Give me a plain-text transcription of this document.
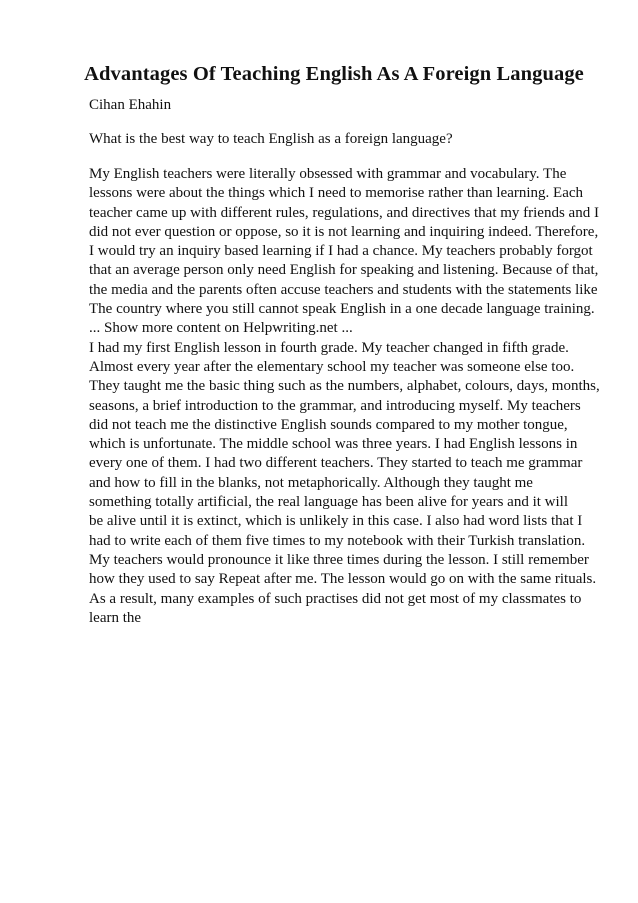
Advantages Of Teaching English As A Foreign Language

Cihan Ehahin

What is the best way to teach English as a foreign language?

My English teachers were literally obsessed with grammar and vocabulary. The
lessons were about the things which I need to memorise rather than learning. Each
teacher came up with different rules, regulations, and directives that my friends and I
did not ever question or oppose, so it is not learning and inquiring indeed. Therefore,
I would try an inquiry based learning if I had a chance. My teachers probably forgot
that an average person only need English for speaking and listening. Because of that,
the media and the parents often accuse teachers and students with the statements like
The country where you still cannot speak English in a one decade language training.
... Show more content on Helpwriting.net ...
I had my first English lesson in fourth grade. My teacher changed in fifth grade.
Almost every year after the elementary school my teacher was someone else too.
They taught me the basic thing such as the numbers, alphabet, colours, days, months,
seasons, a brief introduction to the grammar, and introducing myself. My teachers
did not teach me the distinctive English sounds compared to my mother tongue,
which is unfortunate. The middle school was three years. I had English lessons in
every one of them. I had two different teachers. They started to teach me grammar
and how to fill in the blanks, not metaphorically. Although they taught me
something totally artificial, the real language has been alive for years and it will
be alive until it is extinct, which is unlikely in this case. I also had word lists that I
had to write each of them five times to my notebook with their Turkish translation.
My teachers would pronounce it like three times during the lesson. I still remember
how they used to say Repeat after me. The lesson would go on with the same rituals.
As a result, many examples of such practises did not get most of my classmates to
learn the
